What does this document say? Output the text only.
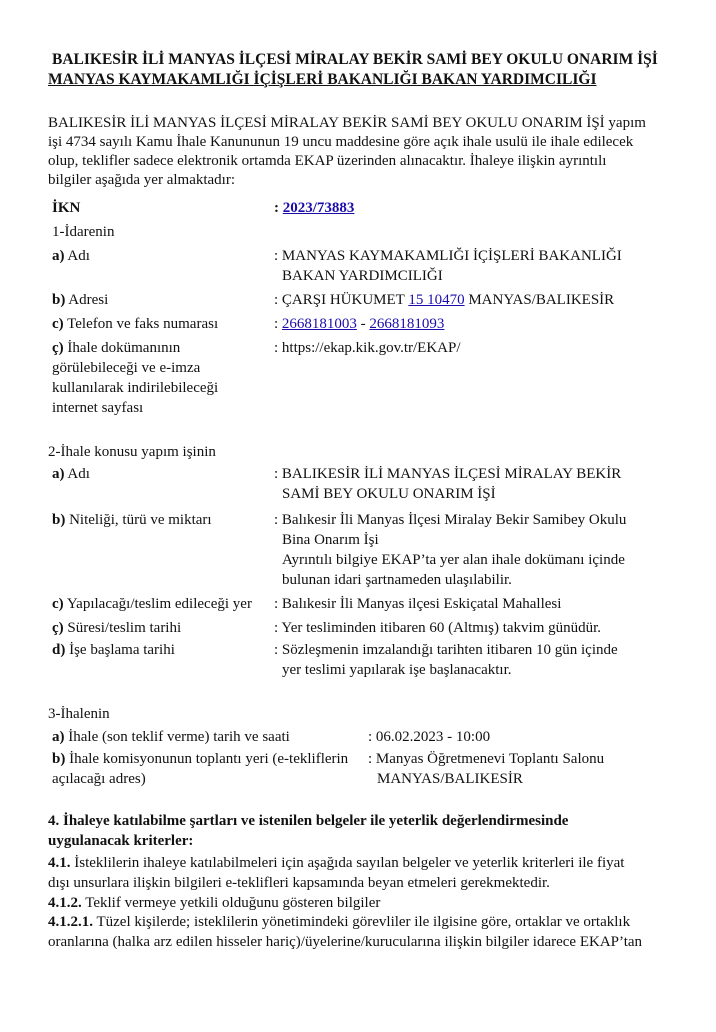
BALIKESİR İLİ MANYAS İLÇESİ MİRALAY BEKİR SAMİ BEY OKULU ONARIM İŞİ
MANYAS KAYMAKAMLIĞI İÇİŞLERİ BAKANLIĞI BAKAN YARDIMCILIĞI
BALIKESİR İLİ MANYAS İLÇESİ MİRALAY BEKİR SAMİ BEY OKULU ONARIM İŞİ yapım
işi 4734 sayılı Kamu İhale Kanununun 19 uncu maddesine göre açık ihale usulü ile ihale edilecek
olup, teklifler sadece elektronik ortamda EKAP üzerinden alınacaktır. İhaleye ilişkin ayrıntılı
bilgiler aşağıda yer almaktadır:
İKN	: 2023/73883
1-İdarenin
a) Adı	: MANYAS KAYMAKAMLIĞI İÇİŞLERİ BAKANLIĞI
BAKAN YARDIMCILIĞI
b) Adresi	: ÇARŞI HÜKUMET 15 10470 MANYAS/BALIKESİR
c) Telefon ve faks numarası	: 2668181003 - 2668181093
ç) İhale dokümanının
görülebileceği ve e-imza
kullanılarak indirilebileceği
internet sayfası
: https://ekap.kik.gov.tr/EKAP/
2-İhale konusu yapım işinin
a) Adı	: BALIKESİR İLİ MANYAS İLÇESİ MİRALAY BEKİR
SAMİ BEY OKULU ONARIM İŞİ
b) Niteliği, türü ve miktarı	: Balıkesir İli Manyas İlçesi Miralay Bekir Samibey Okulu
Bina Onarım İşi
Ayrıntılı bilgiye EKAP’ta yer alan ihale dokümanı içinde
bulunan idari şartnameden ulaşılabilir.
c) Yapılacağı/teslim edileceği yer : Balıkesir İli Manyas ilçesi Eskiçatal Mahallesi
ç) Süresi/teslim tarihi	: Yer tesliminden itibaren 60 (Altmış) takvim günüdür.
d) İşe başlama tarihi	: Sözleşmenin imzalandığı tarihten itibaren 10 gün içinde
yer teslimi yapılarak işe başlanacaktır.
3-İhalenin
a) İhale (son teklif verme) tarih ve saati	: 06.02.2023 - 10:00
b) İhale komisyonunun toplantı yeri (e-tekliflerin
açılacağı adres)
: Manyas Öğretmenevi Toplantı Salonu
MANYAS/BALIKESİR
4. İhaleye katılabilme şartları ve istenilen belgeler ile yeterlik değerlendirmesinde
uygulanacak kriterler:
4.1. İsteklilerin ihaleye katılabilmeleri için aşağıda sayılan belgeler ve yeterlik kriterleri ile fiyat
dışı unsurlara ilişkin bilgileri e-teklifleri kapsamında beyan etmeleri gerekmektedir.
4.1.2. Teklif vermeye yetkili olduğunu gösteren bilgiler
4.1.2.1. Tüzel kişilerde; isteklilerin yönetimindeki görevliler ile ilgisine göre, ortaklar ve ortaklık
oranlarına (halka arz edilen hisseler hariç)/üyelerine/kurucularına ilişkin bilgiler idarece EKAP’tan
